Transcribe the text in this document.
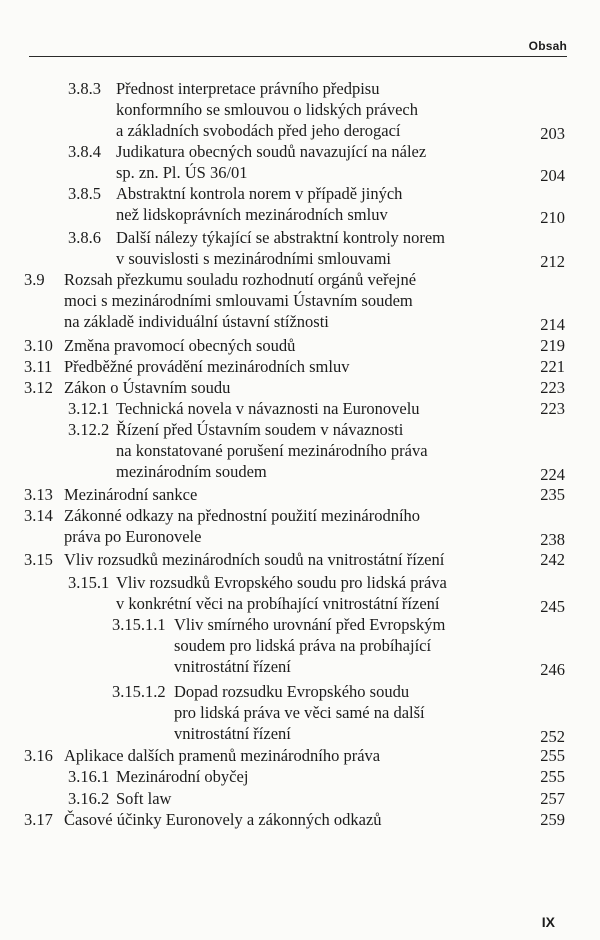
Obsah
3.8.3 Přednost interpretace právního předpisu
konformního se smlouvou o lidských právech
a základních svobodách před jeho derogací	203
3.8.4 Judikatura obecných soudů navazující na nález
sp. zn. Pl. ÚS 36/01	204
3.8.5 Abstraktní kontrola norem v případě jiných
než lidskoprávních mezinárodních smluv	210
3.8.6 Další nálezy týkající se abstraktní kontroly norem
v souvislosti s mezinárodními smlouvami	212
3.9 Rozsah přezkumu souladu rozhodnutí orgánů veřejné
moci s mezinárodními smlouvami Ústavním soudem
na základě individuální ústavní stížnosti	214
3.10 Změna pravomocí obecných soudů	219
3.11 Předběžné provádění mezinárodních smluv	221
3.12 Zákon o Ústavním soudu	223
3.12.1 Technická novela v návaznosti na Euronovelu	223
3.12.2 Řízení před Ústavním soudem v návaznosti
na konstatované porušení mezinárodního práva
mezinárodním soudem	224
3.13 Mezinárodní sankce	235
3.14 Zákonné odkazy na přednostní použití mezinárodního
práva po Euronovele	238
3.15 Vliv rozsudků mezinárodních soudů na vnitrostátní řízení	242
3.15.1 Vliv rozsudků Evropského soudu pro lidská práva
v konkrétní věci na probíhající vnitrostátní řízení	245
3.15.1.1 Vliv smírného urovnání před Evropským
soudem pro lidská práva na probíhající
vnitrostátní řízení	246
3.15.1.2 Dopad rozsudku Evropského soudu
pro lidská práva ve věci samé na další
vnitrostátní řízení	252
3.16 Aplikace dalších pramenů mezinárodního práva	255
3.16.1 Mezinárodní obyčej	255
3.16.2 Soft law	257
3.17 Časové účinky Euronovely a zákonných odkazů	259
IX
